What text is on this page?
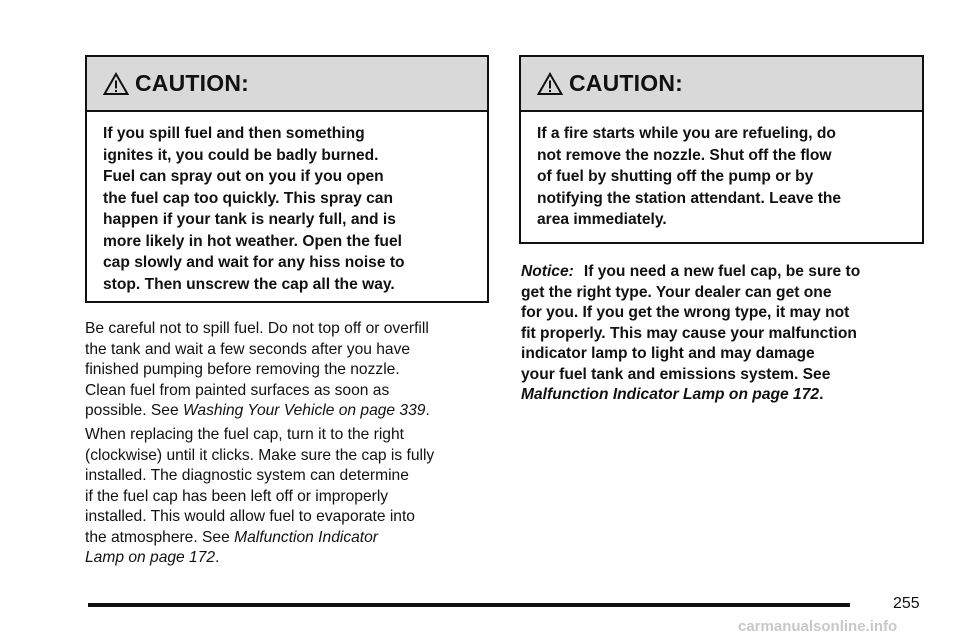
CAUTION:
If you spill fuel and then something
ignites it, you could be badly burned.
Fuel can spray out on you if you open
the fuel cap too quickly. This spray can
happen if your tank is nearly full, and is
more likely in hot weather. Open the fuel
cap slowly and wait for any hiss noise to
stop. Then unscrew the cap all the way.
Be careful not to spill fuel. Do not top off or overfill
the tank and wait a few seconds after you have
finished pumping before removing the nozzle.
Clean fuel from painted surfaces as soon as
possible. See Washing Your Vehicle on page 339.
When replacing the fuel cap, turn it to the right
(clockwise) until it clicks. Make sure the cap is fully
installed. The diagnostic system can determine
if the fuel cap has been left off or improperly
installed. This would allow fuel to evaporate into
the atmosphere. See Malfunction Indicator
Lamp on page 172.
CAUTION:
If a fire starts while you are refueling, do
not remove the nozzle. Shut off the flow
of fuel by shutting off the pump or by
notifying the station attendant. Leave the
area immediately.
Notice: If you need a new fuel cap, be sure to
get the right type. Your dealer can get one
for you. If you get the wrong type, it may not
fit properly. This may cause your malfunction
indicator lamp to light and may damage
your fuel tank and emissions system. See
Malfunction Indicator Lamp on page 172.
255
carmanualsonline.info
